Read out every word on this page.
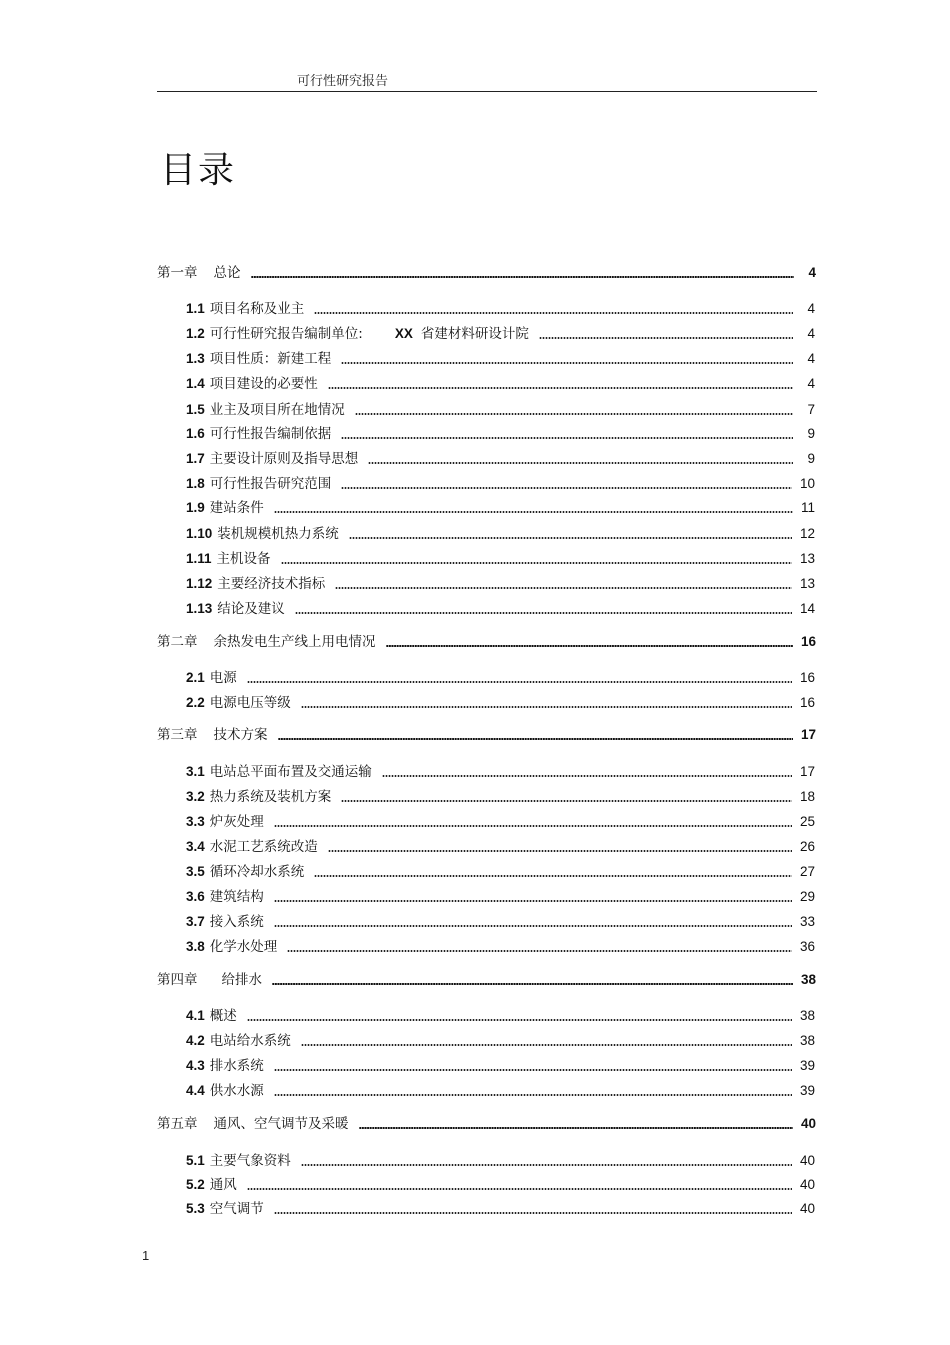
可行性研究报告
目录
第一章 总论	4
1.1 项目名称及业主	4
1.2 可行性研究报告编制单位: XX 省建材料研设计院	4
1.3 项目性质：新建工程	4
1.4 项目建设的必要性	4
1.5 业主及项目所在地情况	7
1.6 可行性报告编制依据	9
1.7 主要设计原则及指导思想	9
1.8 可行性报告研究范围	10
1.9 建站条件	11
1.10 装机规模机热力系统	12
1.11 主机设备	13
1.12 主要经济技术指标	13
1.13 结论及建议	14
第二章 余热发电生产线上用电情况	16
2.1 电源	16
2.2 电源电压等级	16
第三章 技术方案	17
3.1 电站总平面布置及交通运输	17
3.2 热力系统及装机方案	18
3.3 炉灰处理	25
3.4 水泥工艺系统改造	26
3.5 循环冷却水系统	27
3.6 建筑结构	29
3.7 接入系统	33
3.8 化学水处理	36
第四章 给排水	38
4.1 概述	38
4.2 电站给水系统	38
4.3 排水系统	39
4.4 供水水源	39
第五章 通风、空气调节及采暖	40
5.1 主要气象资料	40
5.2 通风	40
5.3 空气调节	40
1
